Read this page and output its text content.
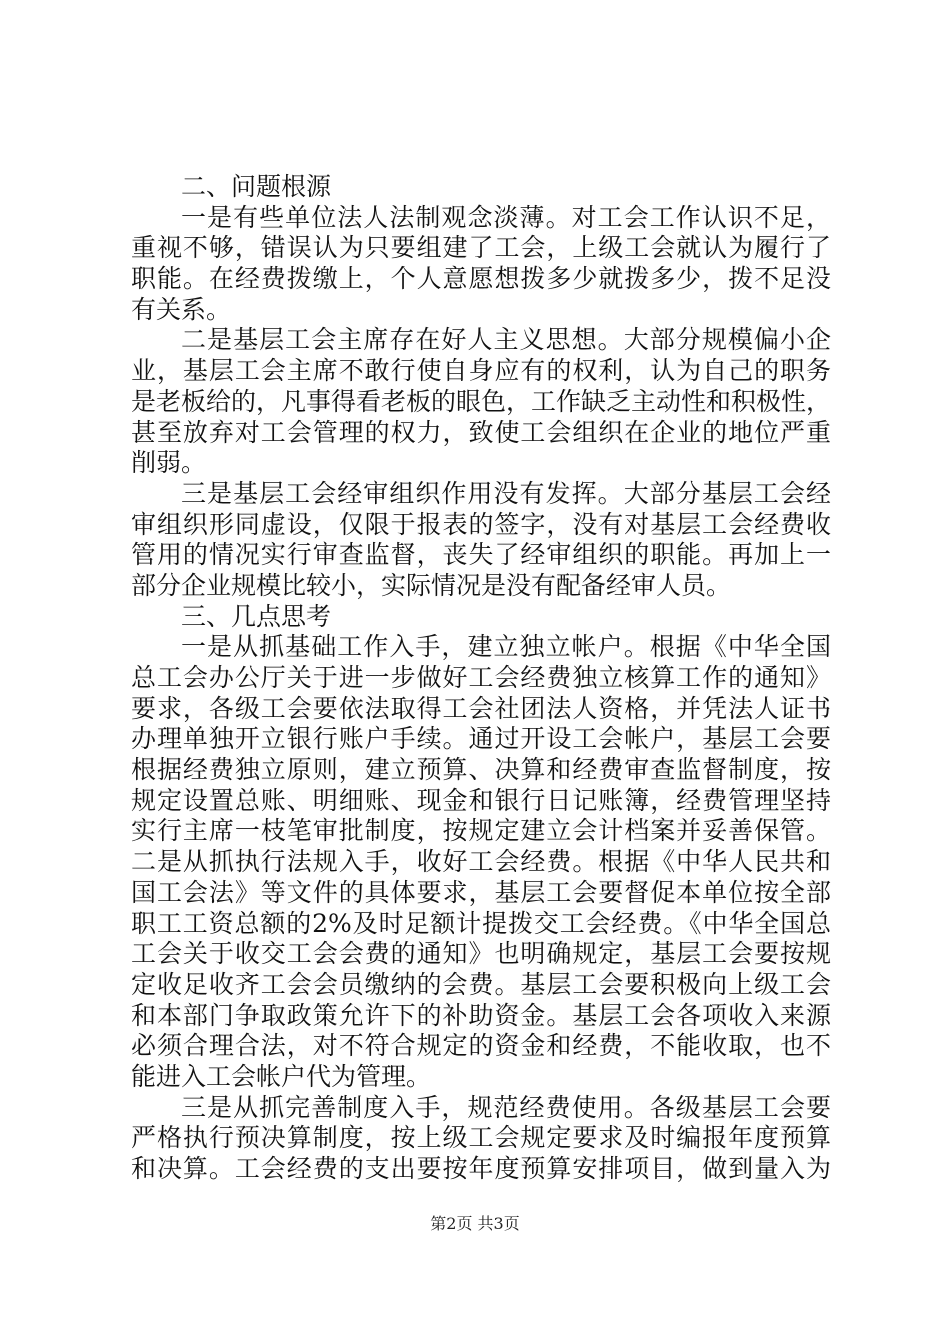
二、问题根源
一是有些单位法人法制观念淡薄。对工会工作认识不足，
重视不够，错误认为只要组建了工会，上级工会就认为履行了
职能。在经费拨缴上，个人意愿想拨多少就拨多少，拨不足没
有关系。
二是基层工会主席存在好人主义思想。大部分规模偏小企
业，基层工会主席不敢行使自身应有的权利，认为自己的职务
是老板给的，凡事得看老板的眼色，工作缺乏主动性和积极性，
甚至放弃对工会管理的权力，致使工会组织在企业的地位严重
削弱。
三是基层工会经审组织作用没有发挥。大部分基层工会经
审组织形同虚设，仅限于报表的签字，没有对基层工会经费收
管用的情况实行审查监督，丧失了经审组织的职能。再加上一
部分企业规模比较小，实际情况是没有配备经审人员。
三、几点思考
一是从抓基础工作入手，建立独立帐户。根据《中华全国
总工会办公厅关于进一步做好工会经费独立核算工作的通知》
要求，各级工会要依法取得工会社团法人资格，并凭法人证书
办理单独开立银行账户手续。通过开设工会帐户，基层工会要
根据经费独立原则，建立预算、决算和经费审查监督制度，按
规定设置总账、明细账、现金和银行日记账簿，经费管理坚持
实行主席一枝笔审批制度，按规定建立会计档案并妥善保管。
二是从抓执行法规入手，收好工会经费。根据《中华人民共和
国工会法》等文件的具体要求，基层工会要督促本单位按全部
职工工资总额的2%及时足额计提拨交工会经费。《中华全国总
工会关于收交工会会费的通知》也明确规定，基层工会要按规
定收足收齐工会会员缴纳的会费。基层工会要积极向上级工会
和本部门争取政策允许下的补助资金。基层工会各项收入来源
必须合理合法，对不符合规定的资金和经费，不能收取，也不
能进入工会帐户代为管理。
三是从抓完善制度入手，规范经费使用。各级基层工会要
严格执行预决算制度，按上级工会规定要求及时编报年度预算
和决算。工会经费的支出要按年度预算安排项目，做到量入为
第2页 共3页
